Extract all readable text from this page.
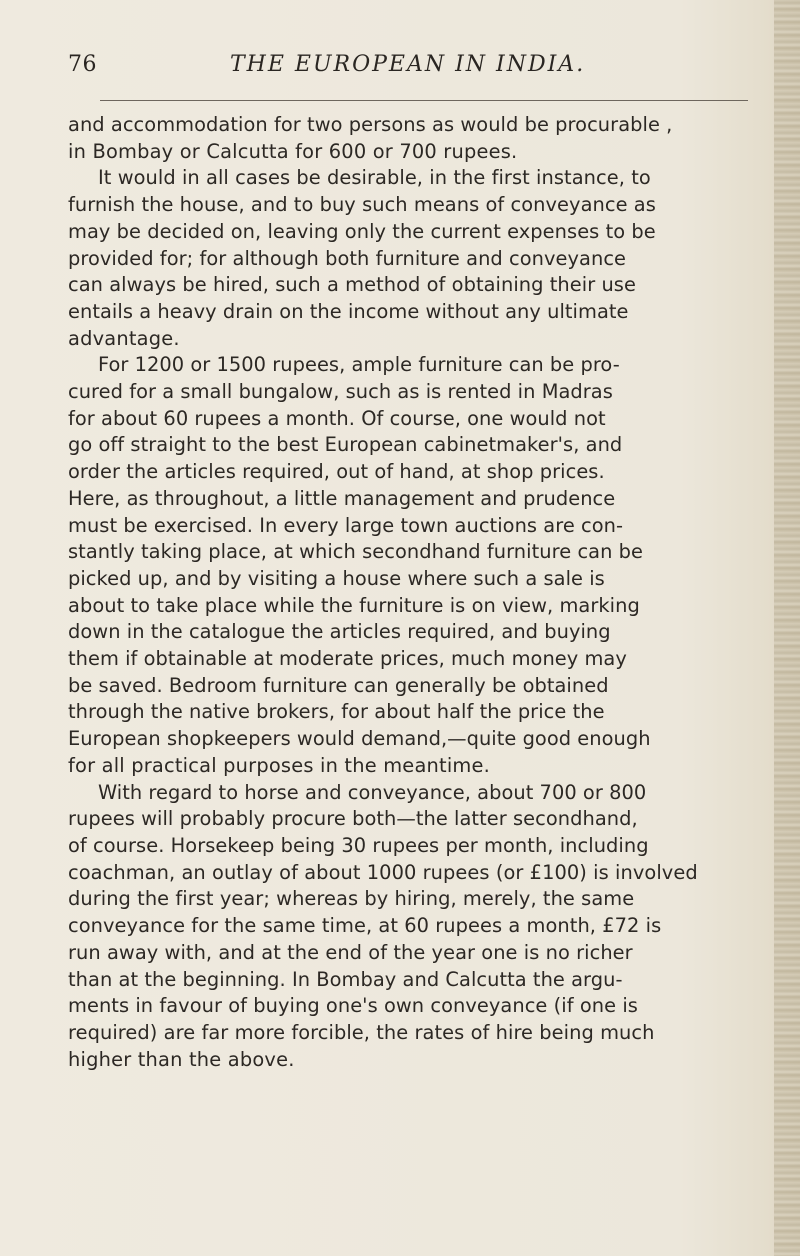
76	THE EUROPEAN IN INDIA.
and accommodation for two persons as would be procurable ,
in Bombay or Calcutta for 600 or 700 rupees.
It would in all cases be desirable, in the first instance, to
furnish the house, and to buy such means of conveyance as
may be decided on, leaving only the current expenses to be
provided for; for although both furniture and conveyance
can always be hired, such a method of obtaining their use
entails a heavy drain on the income without any ultimate
advantage.
For 1200 or 1500 rupees, ample furniture can be pro-
cured for a small bungalow, such as is rented in Madras
for about 60 rupees a month. Of course, one would not
go off straight to the best European cabinetmaker's, and
order the articles required, out of hand, at shop prices.
Here, as throughout, a little management and prudence
must be exercised. In every large town auctions are con-
stantly taking place, at which secondhand furniture can be
picked up, and by visiting a house where such a sale is
about to take place while the furniture is on view, marking
down in the catalogue the articles required, and buying
them if obtainable at moderate prices, much money may
be saved. Bedroom furniture can generally be obtained
through the native brokers, for about half the price the
European shopkeepers would demand,—quite good enough
for all practical purposes in the meantime.
With regard to horse and conveyance, about 700 or 800
rupees will probably procure both—the latter secondhand,
of course. Horsekeep being 30 rupees per month, including
coachman, an outlay of about 1000 rupees (or £100) is involved
during the first year; whereas by hiring, merely, the same
conveyance for the same time, at 60 rupees a month, £72 is
run away with, and at the end of the year one is no richer
than at the beginning. In Bombay and Calcutta the argu-
ments in favour of buying one's own conveyance (if one is
required) are far more forcible, the rates of hire being much
higher than the above.
